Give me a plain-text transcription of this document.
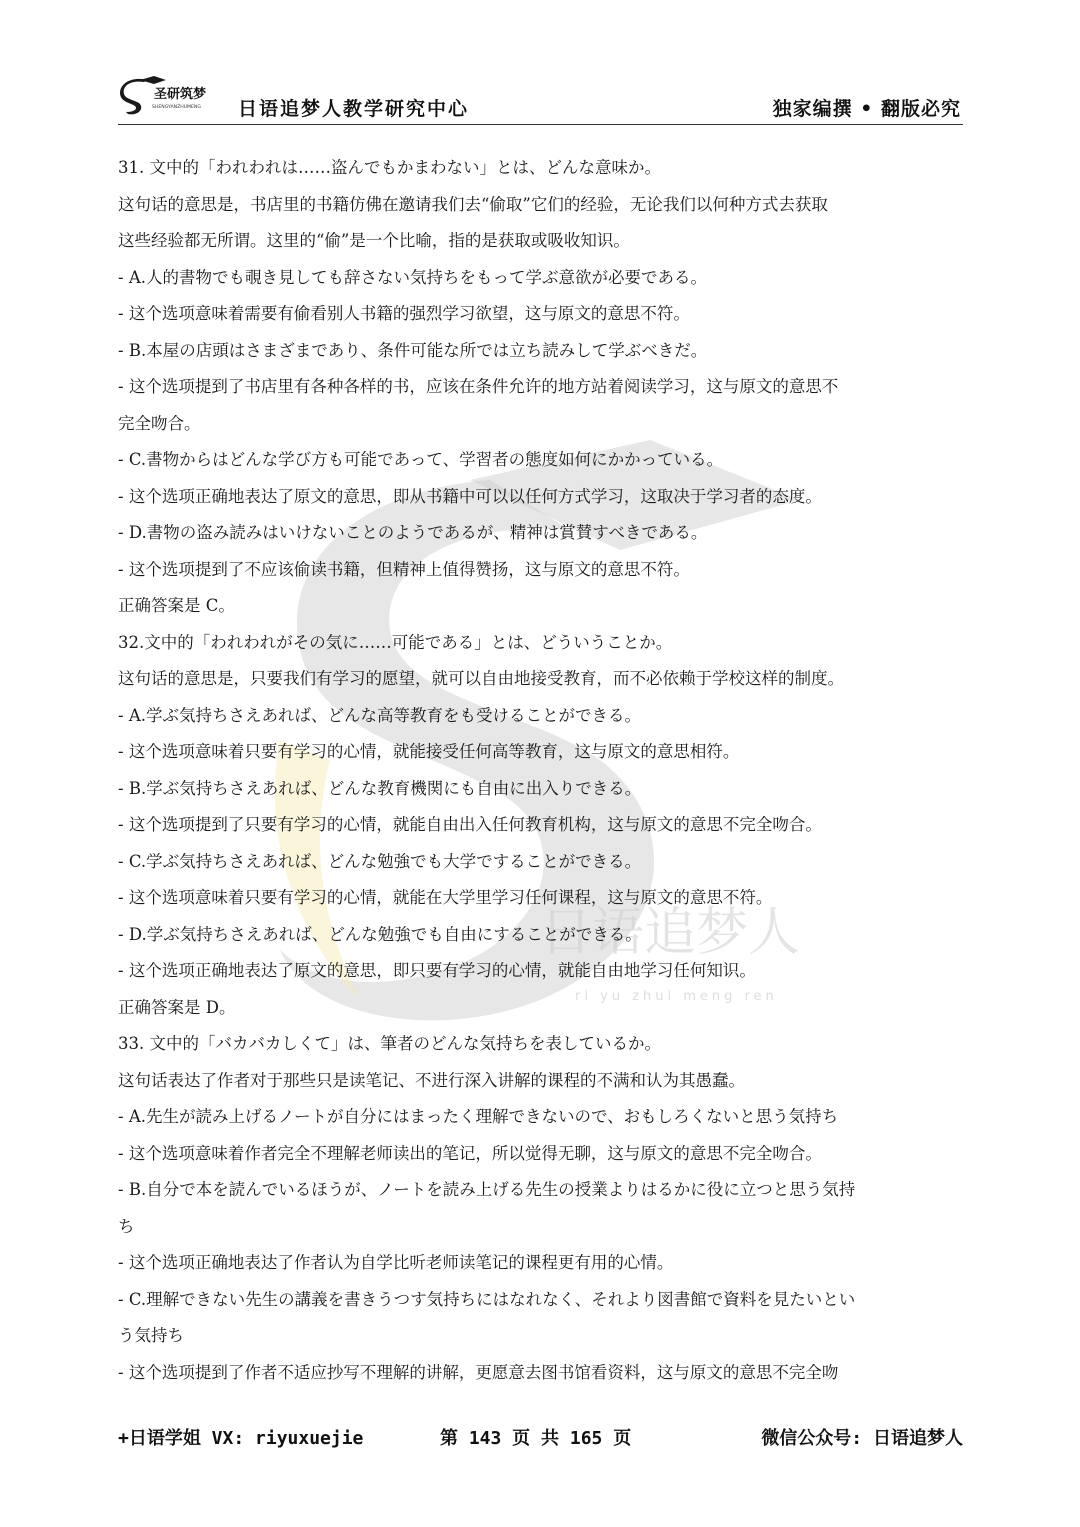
圣研筑梦
SHENGYANZHUMENG 日语追梦人教学研究中心	独家编撰 • 翻版必究
日语追梦人
ri yu zhui meng ren
31. 文中的「われわれは……盗んでもかまわない」とは、どんな意味か。
这句话的意思是，书店里的书籍仿佛在邀请我们去“偷取”它们的经验，无论我们以何种方式去获取
这些经验都无所谓。这里的“偷”是一个比喻，指的是获取或吸收知识。
- A.人的書物でも覗き見しても辞さない気持ちをもって学ぶ意欲が必要である。
- 这个选项意味着需要有偷看别人书籍的强烈学习欲望，这与原文的意思不符。
- B.本屋の店頭はさまざまであり、条件可能な所では立ち読みして学ぶべきだ。
- 这个选项提到了书店里有各种各样的书，应该在条件允许的地方站着阅读学习，这与原文的意思不
完全吻合。
- C.書物からはどんな学び方も可能であって、学習者の態度如何にかかっている。
- 这个选项正确地表达了原文的意思，即从书籍中可以以任何方式学习，这取决于学习者的态度。
- D.書物の盗み読みはいけないことのようであるが、精神は賞賛すべきである。
- 这个选项提到了不应该偷读书籍，但精神上值得赞扬，这与原文的意思不符。
正确答案是 C。
32.文中的「われわれがその気に……可能である」とは、どういうことか。
这句话的意思是，只要我们有学习的愿望，就可以自由地接受教育，而不必依赖于学校这样的制度。
- A.学ぶ気持ちさえあれば、どんな高等教育をも受けることができる。
- 这个选项意味着只要有学习的心情，就能接受任何高等教育，这与原文的意思相符。
- B.学ぶ気持ちさえあれば、どんな教育機関にも自由に出入りできる。
- 这个选项提到了只要有学习的心情，就能自由出入任何教育机构，这与原文的意思不完全吻合。
- C.学ぶ気持ちさえあれば、どんな勉強でも大学ですることができる。
- 这个选项意味着只要有学习的心情，就能在大学里学习任何课程，这与原文的意思不符。
- D.学ぶ気持ちさえあれば、どんな勉強でも自由にすることができる。
- 这个选项正确地表达了原文的意思，即只要有学习的心情，就能自由地学习任何知识。
正确答案是 D。
33. 文中的「バカバカしくて」は、筆者のどんな気持ちを表しているか。
这句话表达了作者对于那些只是读笔记、不进行深入讲解的课程的不满和认为其愚蠢。
- A.先生が読み上げるノートが自分にはまったく理解できないので、おもしろくないと思う気持ち
- 这个选项意味着作者完全不理解老师读出的笔记，所以觉得无聊，这与原文的意思不完全吻合。
- B.自分で本を読んでいるほうが、ノートを読み上げる先生の授業よりはるかに役に立つと思う気持
ち
- 这个选项正确地表达了作者认为自学比听老师读笔记的课程更有用的心情。
- C.理解できない先生の講義を書きうつす気持ちにはなれなく、それより図書館で資料を見たいとい
う気持ち
- 这个选项提到了作者不适应抄写不理解的讲解，更愿意去图书馆看资料，这与原文的意思不完全吻
+日语学姐 VX: riyuxuejie	第 143 页 共 165 页	微信公众号: 日语追梦人
